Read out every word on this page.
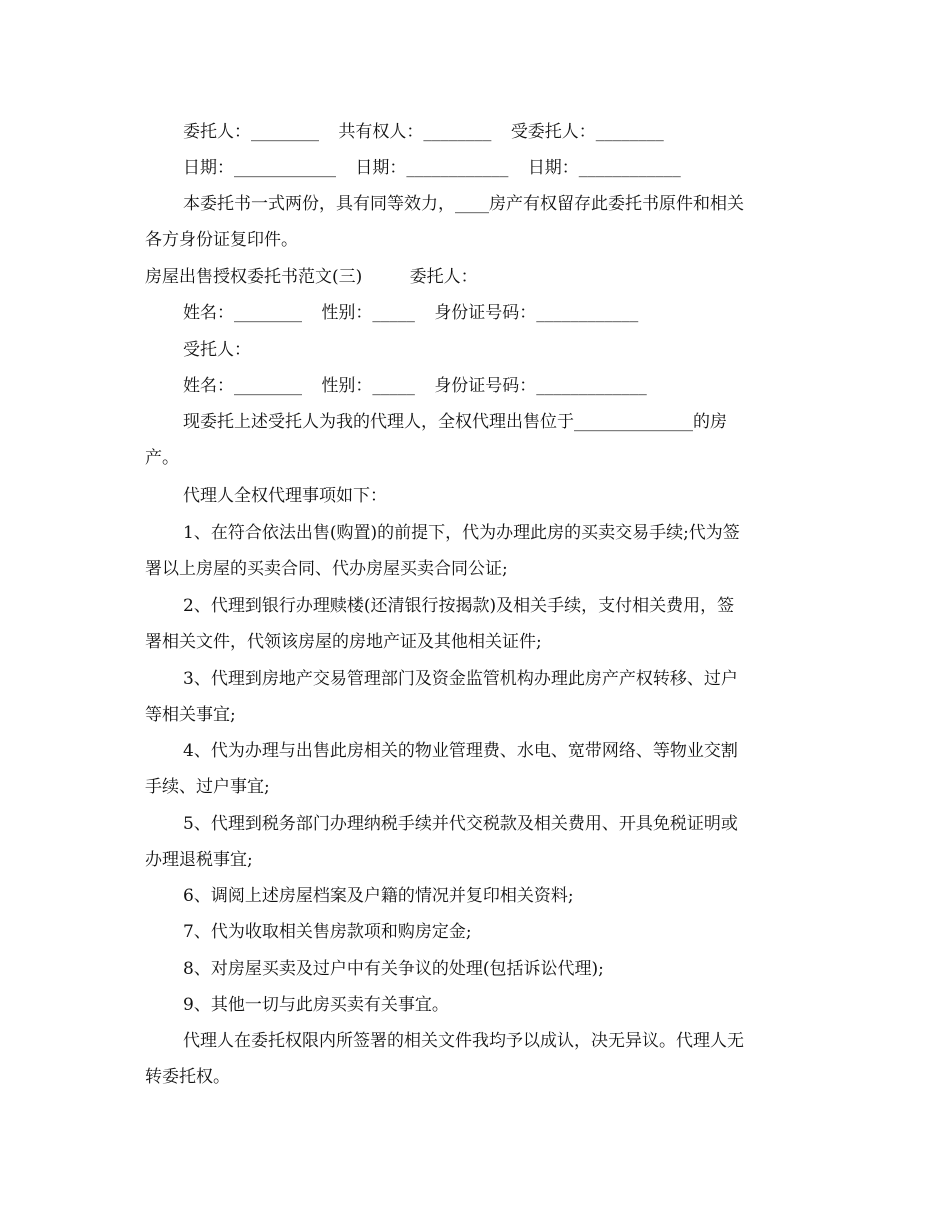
委托人：________ 共有权人：________ 受委托人：________
日期：____________ 日期：____________ 日期：____________
本委托书一式两份，具有同等效力，____房产有权留存此委托书原件和相关
各方身份证复印件。
房屋出售授权委托书范文(三)	委托人：
姓名：________ 性别：_____ 身份证号码：____________
受托人：
姓名：________ 性别：_____ 身份证号码：_____________
现委托上述受托人为我的代理人，全权代理出售位于______________的房
产。
代理人全权代理事项如下：
1、在符合依法出售(购置)的前提下，代为办理此房的买卖交易手续;代为签
署以上房屋的买卖合同、代办房屋买卖合同公证;
2、代理到银行办理赎楼(还清银行按揭款)及相关手续，支付相关费用，签
署相关文件，代领该房屋的房地产证及其他相关证件;
3、代理到房地产交易管理部门及资金监管机构办理此房产产权转移、过户
等相关事宜;
4、代为办理与出售此房相关的物业管理费、水电、宽带网络、等物业交割
手续、过户事宜;
5、代理到税务部门办理纳税手续并代交税款及相关费用、开具免税证明或
办理退税事宜;
6、调阅上述房屋档案及户籍的情况并复印相关资料;
7、代为收取相关售房款项和购房定金;
8、对房屋买卖及过户中有关争议的处理(包括诉讼代理);
9、其他一切与此房买卖有关事宜。
代理人在委托权限内所签署的相关文件我均予以成认，决无异议。代理人无
转委托权。
